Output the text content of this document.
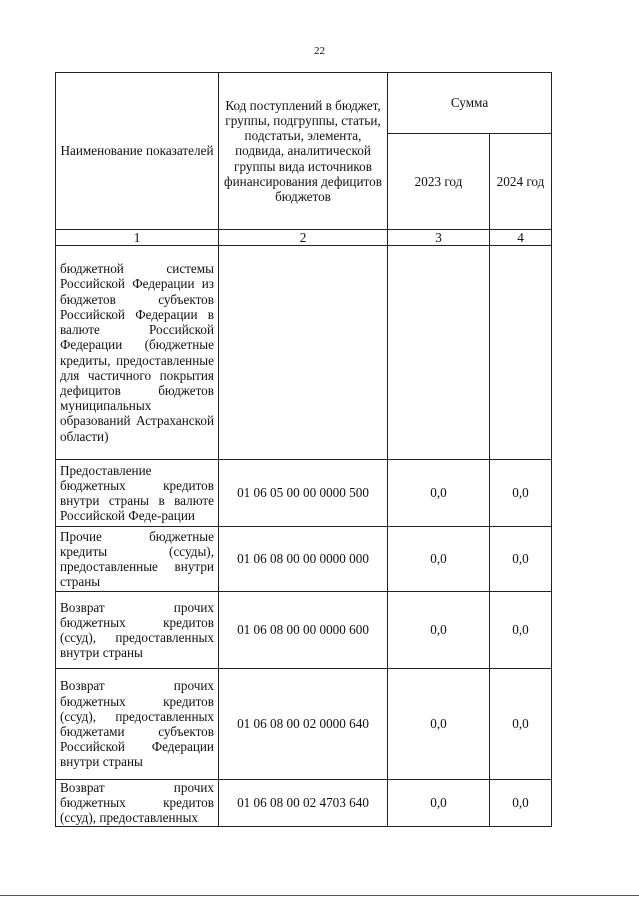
22
Наименование показателей	Код поступлений в бюджет, группы, подгруппы, статьи, подстатьи, элемента, подвида, аналитической группы вида источников финансирования дефицитов бюджетов	Сумма	
		2023 год	2024 год
1	2	3	4
бюджетной системы Российской Федерации из бюджетов субъектов Российской Федерации в валюте Российской Федерации (бюджетные кредиты, предоставленные для частичного покрытия дефицитов бюджетов муниципальных образований Астраханской области)			
Предоставление бюджетных кредитов внутри страны в валюте Российской Феде-рации	01 06 05 00 00 0000 500	0,0	0,0
Прочие бюджетные кредиты (ссуды), предоставленные внутри страны	01 06 08 00 00 0000 000	0,0	0,0
Возврат прочих бюджетных кредитов (ссуд), предоставленных внутри страны	01 06 08 00 00 0000 600	0,0	0,0
Возврат прочих бюджетных кредитов (ссуд), предоставленных бюджетами субъектов Российской Федерации внутри страны	01 06 08 00 02 0000 640	0,0	0,0
Возврат прочих бюджетных кредитов (ссуд), предоставленных	01 06 08 00 02 4703 640	0,0	0,0
